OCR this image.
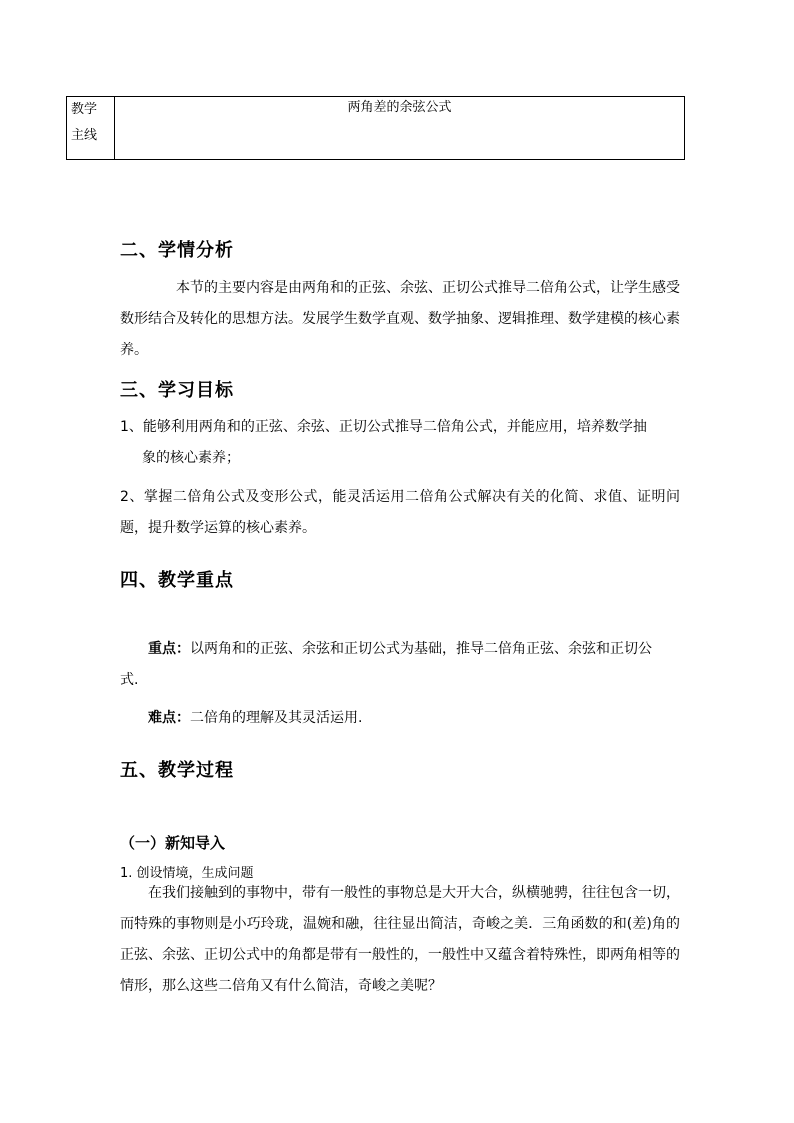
教学
主线
两角差的余弦公式
二、学情分析

本节的主要内容是由两角和的正弦、余弦、正切公式推导二倍角公式，让学生感受数形结合及转化的思想方法。发展学生数学直观、数学抽象、逻辑推理、数学建模的核心素养。

三、学习目标
1、能够利用两角和的正弦、余弦、正切公式推导二倍角公式，并能应用，培养数学抽
象的核心素养；

2、掌握二倍角公式及变形公式，能灵活运用二倍角公式解决有关的化简、求值、证明问题，提升数学运算的核心素养。

四、教学重点
重点：以两角和的正弦、余弦和正切公式为基础，推导二倍角正弦、余弦和正切公
式.
难点：二倍角的理解及其灵活运用.
五、教学过程

（一）新知导入

1. 创设情境，生成问题

在我们接触到的事物中，带有一般性的事物总是大开大合，纵横驰骋，往往包含一切，而特殊的事物则是小巧玲珑，温婉和融，往往显出简洁，奇峻之美．三角函数的和(差)角的正弦、余弦、正切公式中的角都是带有一般性的，一般性中又蕴含着特殊性，即两角相等的情形，那么这些二倍角又有什么简洁，奇峻之美呢？
